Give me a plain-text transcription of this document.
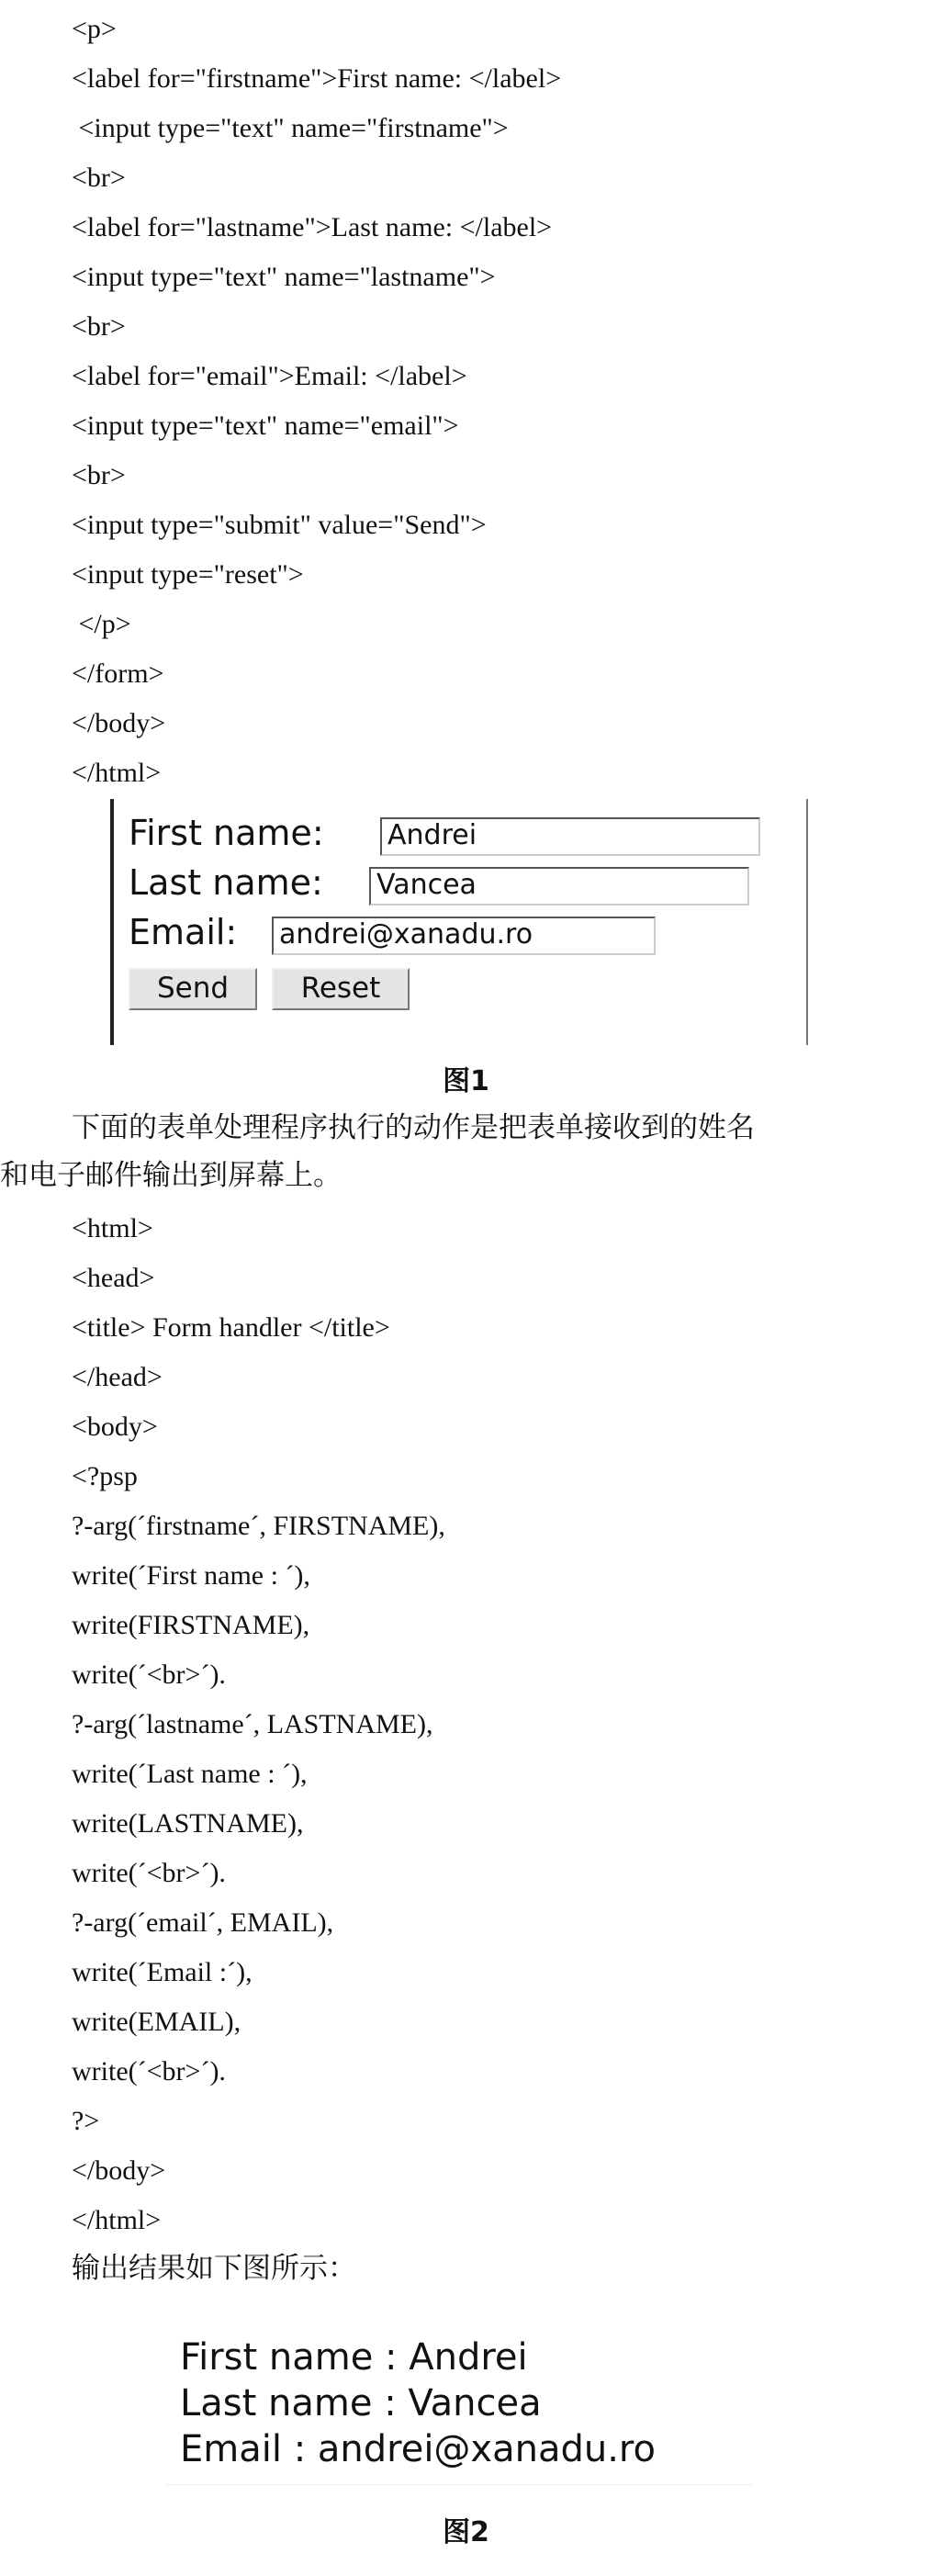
<p>
<label for="firstname">First name: </label>
<input type="text" name="firstname">
<br>
<label for="lastname">Last name: </label>
<input type="text" name="lastname">
<br>
<label for="email">Email: </label>
<input type="text" name="email">
<br>
<input type="submit" value="Send">
<input type="reset">
</p>
</form>
</body>
</html>
First name: Andrei
Last name: Vancea
Email: andrei@xanadu.ro
Send	Reset
图1
下面的表单处理程序执行的动作是把表单接收到的姓名
和电子邮件输出到屏幕上。
<html>
<head>
<title> Form handler </title>
</head>
<body>
<?psp
?-arg(´firstname´, FIRSTNAME),
write(´First name : ´),
write(FIRSTNAME),
write(´<br>´).
?-arg(´lastname´, LASTNAME),
write(´Last name : ´),
write(LASTNAME),
write(´<br>´).
?-arg(´email´, EMAIL),
write(´Email :´),
write(EMAIL),
write(´<br>´).
?>
</body>
</html>
输出结果如下图所示：
First name : Andrei
Last name : Vancea
Email : andrei@xanadu.ro
图2
